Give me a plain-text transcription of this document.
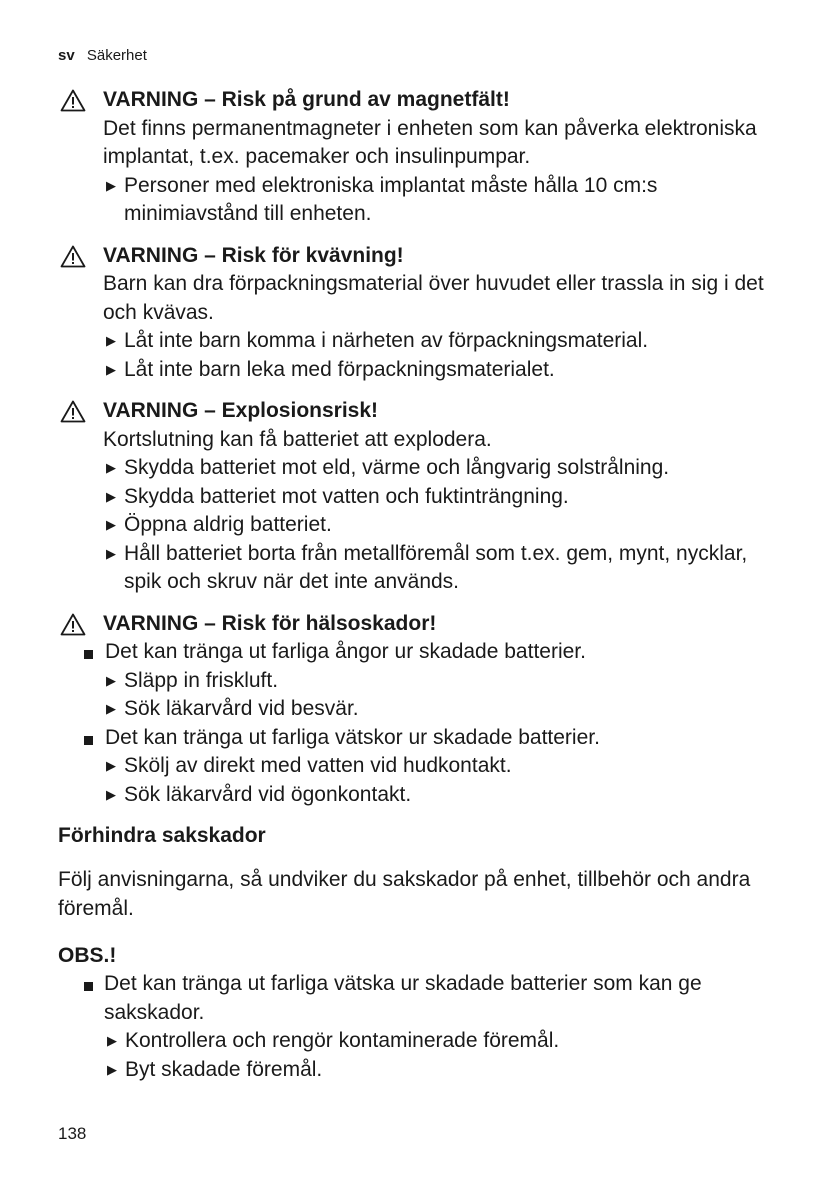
sv Säkerhet
VARNING – Risk på grund av magnetfält!
Det finns permanentmagneter i enheten som kan påverka elektroniska implantat, t.ex. pacemaker och insulinpumpar.
▶ Personer med elektroniska implantat måste hålla 10 cm:s minimiavstånd till enheten.
VARNING – Risk för kvävning!
Barn kan dra förpackningsmaterial över huvudet eller trassla in sig i det och kvävas.
▶ Låt inte barn komma i närheten av förpackningsmaterial.
▶ Låt inte barn leka med förpackningsmaterialet.
VARNING – Explosionsrisk!
Kortslutning kan få batteriet att explodera.
▶ Skydda batteriet mot eld, värme och långvarig solstrålning.
▶ Skydda batteriet mot vatten och fuktinträngning.
▶ Öppna aldrig batteriet.
▶ Håll batteriet borta från metallföremål som t.ex. gem, mynt, nycklar, spik och skruv när det inte används.
VARNING – Risk för hälsoskador!
Det kan tränga ut farliga ångor ur skadade batterier.
▶ Släpp in friskluft.
▶ Sök läkarvård vid besvär.
Det kan tränga ut farliga vätskor ur skadade batterier.
▶ Skölj av direkt med vatten vid hudkontakt.
▶ Sök läkarvård vid ögonkontakt.
Förhindra sakskador
Följ anvisningarna, så undviker du sakskador på enhet, tillbehör och andra föremål.
OBS.!
Det kan tränga ut farliga vätska ur skadade batterier som kan ge sakskador.
▶ Kontrollera och rengör kontaminerade föremål.
▶ Byt skadade föremål.
138
